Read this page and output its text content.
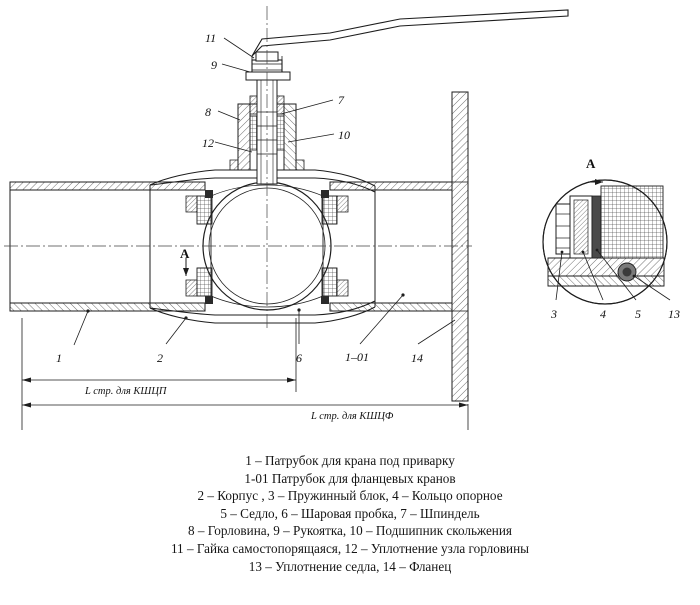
11
9
7
8
10
12
1	2	6	1–01	14
3	4 5 13
A
A
L стр. для КШЦП
L стр. для КШЦФ
1 – Патрубок для крана под приварку
1-01 Патрубок для фланцевых кранов
2 – Корпус , 3 – Пружинный блок, 4 – Кольцо опорное
5 – Седло, 6 – Шаровая пробка, 7 – Шпиндель
8 – Горловина, 9 – Рукоятка, 10 – Подшипник скольжения
11 – Гайка самостопорящаяся, 12 – Уплотнение узла горловины
13 – Уплотнение седла, 14 – Фланец
